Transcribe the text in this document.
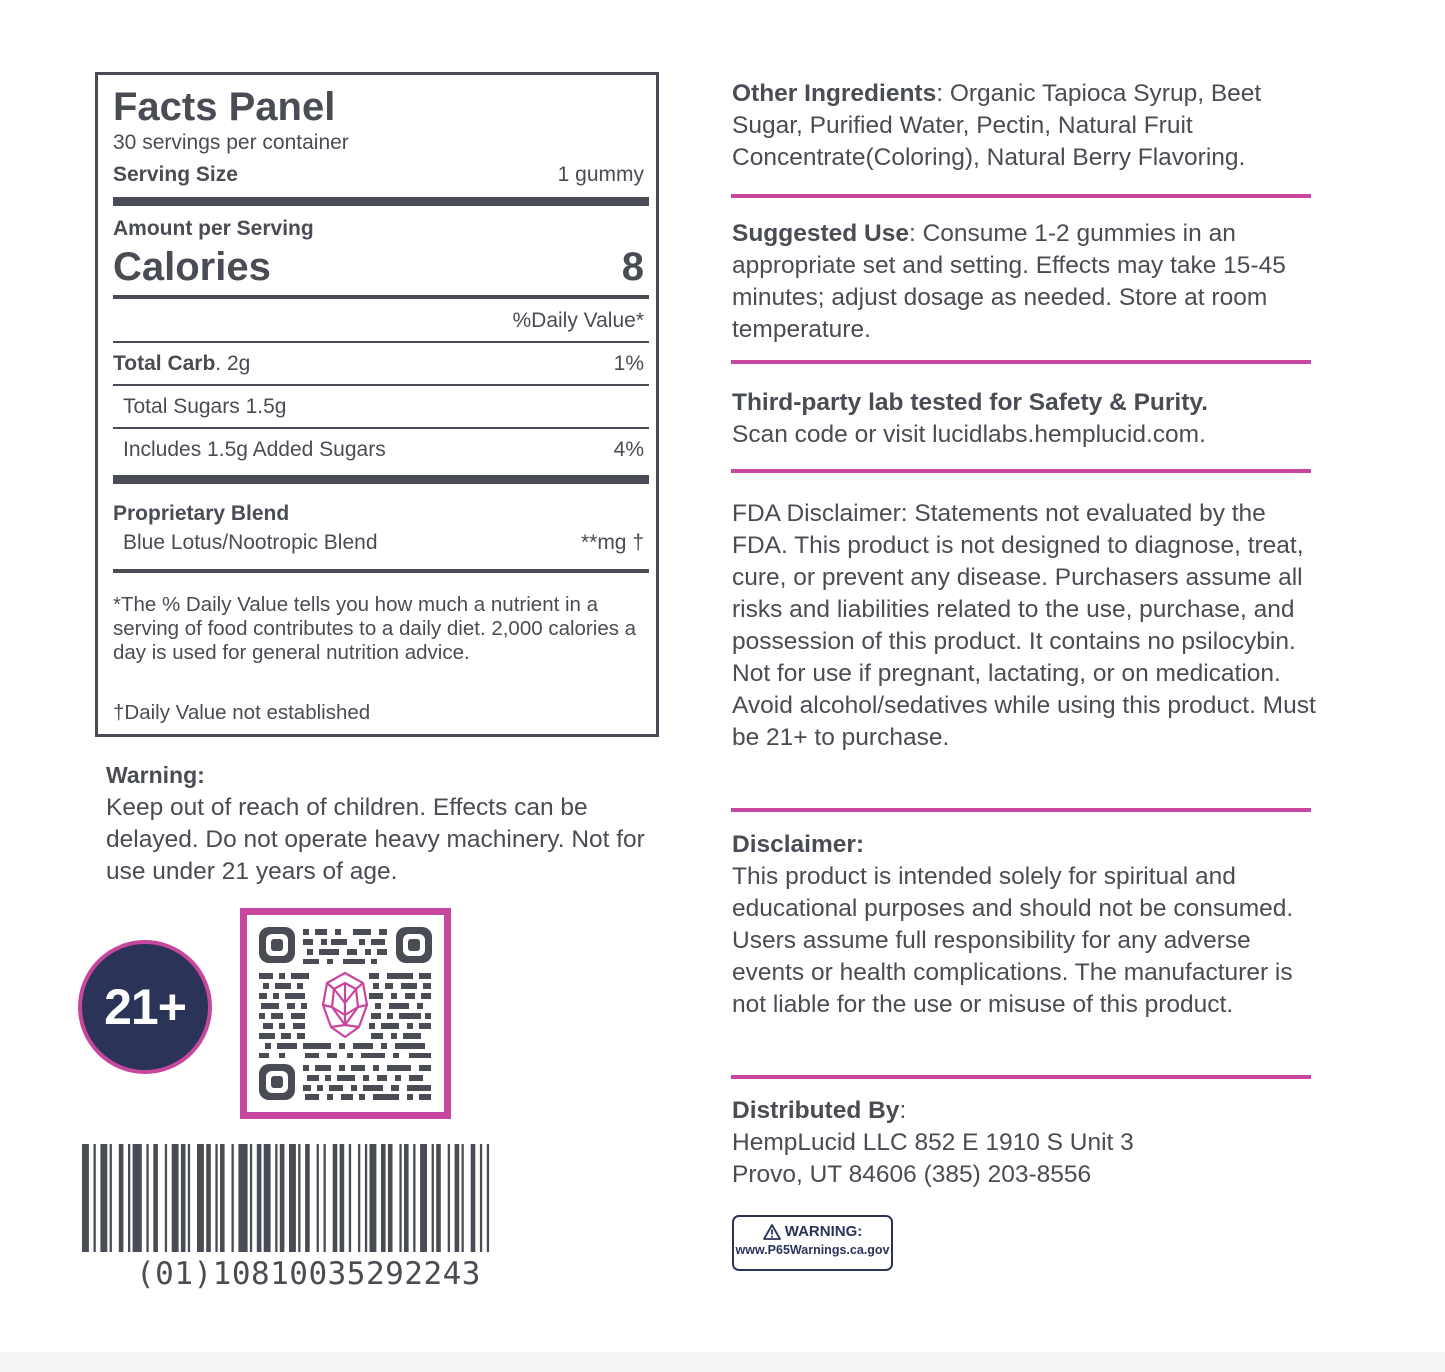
Facts Panel
30 servings per container
Serving Size	1 gummy
Amount per Serving
Calories	8
%Daily Value*
Total Carb. 2g	1%
Total Sugars 1.5g
Includes 1.5g Added Sugars	4%
Proprietary Blend
Blue Lotus/Nootropic Blend	**mg †
*The % Daily Value tells you how much a nutrient in a serving of food contributes to a daily diet. 2,000 calories a day is used for general nutrition advice.
†Daily Value not established
Warning:
Keep out of reach of children. Effects can be delayed. Do not operate heavy machinery. Not for use under 21 years of age.
21+
(01)10810035292243
Other Ingredients: Organic Tapioca Syrup, Beet Sugar, Purified Water, Pectin, Natural Fruit Concentrate(Coloring), Natural Berry Flavoring.
Suggested Use: Consume 1-2 gummies in an appropriate set and setting. Effects may take 15-45 minutes; adjust dosage as needed. Store at room temperature.
Third-party lab tested for Safety & Purity.
Scan code or visit lucidlabs.hemplucid.com.
FDA Disclaimer: Statements not evaluated by the FDA. This product is not designed to diagnose, treat, cure, or prevent any disease. Purchasers assume all risks and liabilities related to the use, purchase, and possession of this product. It contains no psilocybin. Not for use if pregnant, lactating, or on medication. Avoid alcohol/sedatives while using this product. Must be 21+ to purchase.
Disclaimer:
This product is intended solely for spiritual and educational purposes and should not be consumed. Users assume full responsibility for any adverse events or health complications. The manufacturer is not liable for the use or misuse of this product.
Distributed By:
HempLucid LLC 852 E 1910 S Unit 3
Provo, UT 84606 (385) 203-8556
WARNING:
www.P65Warnings.ca.gov
